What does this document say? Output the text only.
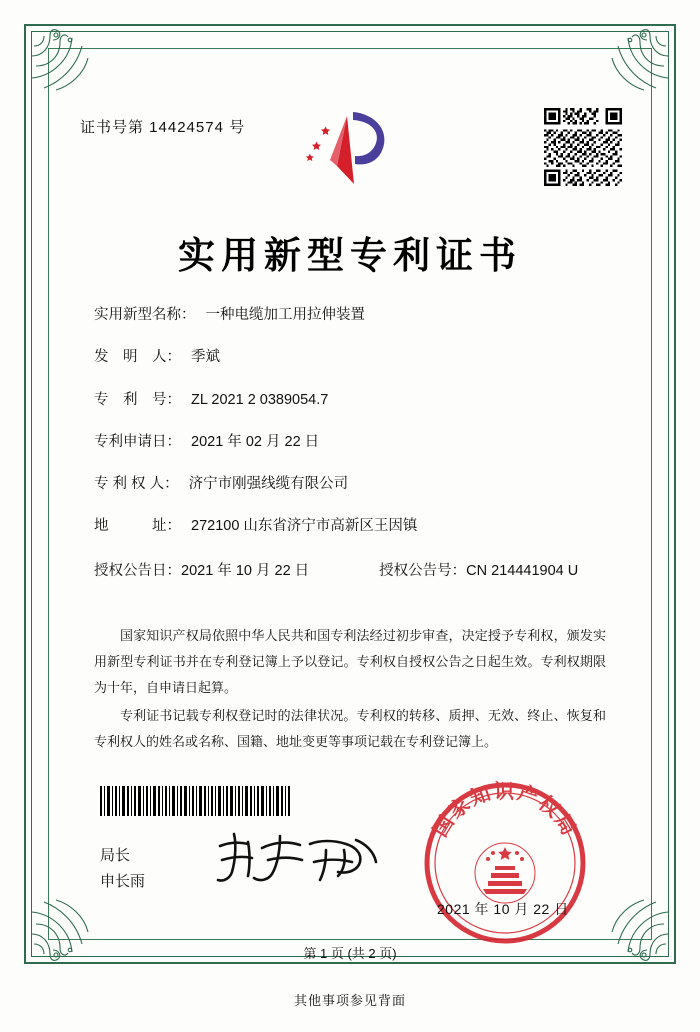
证书号第 14424574 号
实用新型专利证书
实用新型名称： 一种电缆加工用拉伸装置
发　明　人： 季斌
专　利　号： ZL 2021 2 0389054.7
专利申请日： 2021 年 02 月 22 日
专 利 权 人： 济宁市刚强线缆有限公司
地　　　址： 272100 山东省济宁市高新区王因镇
授权公告日： 2021 年 10 月 22 日	授权公告号： CN 214441904 U

国家知识产权局依照中华人民共和国专利法经过初步审查，决定授予专利权，颁发实用新型专利证书并在专利登记簿上予以登记。专利权自授权公告之日起生效。专利权期限为十年，自申请日起算。

专利证书记载专利权登记时的法律状况。专利权的转移、质押、无效、终止、恢复和专利权人的姓名或名称、国籍、地址变更等事项记载在专利登记簿上。

局长
申长雨
国家知识产权局
2021 年 10 月 22 日
第 1 页 (共 2 页)
其他事项参见背面
